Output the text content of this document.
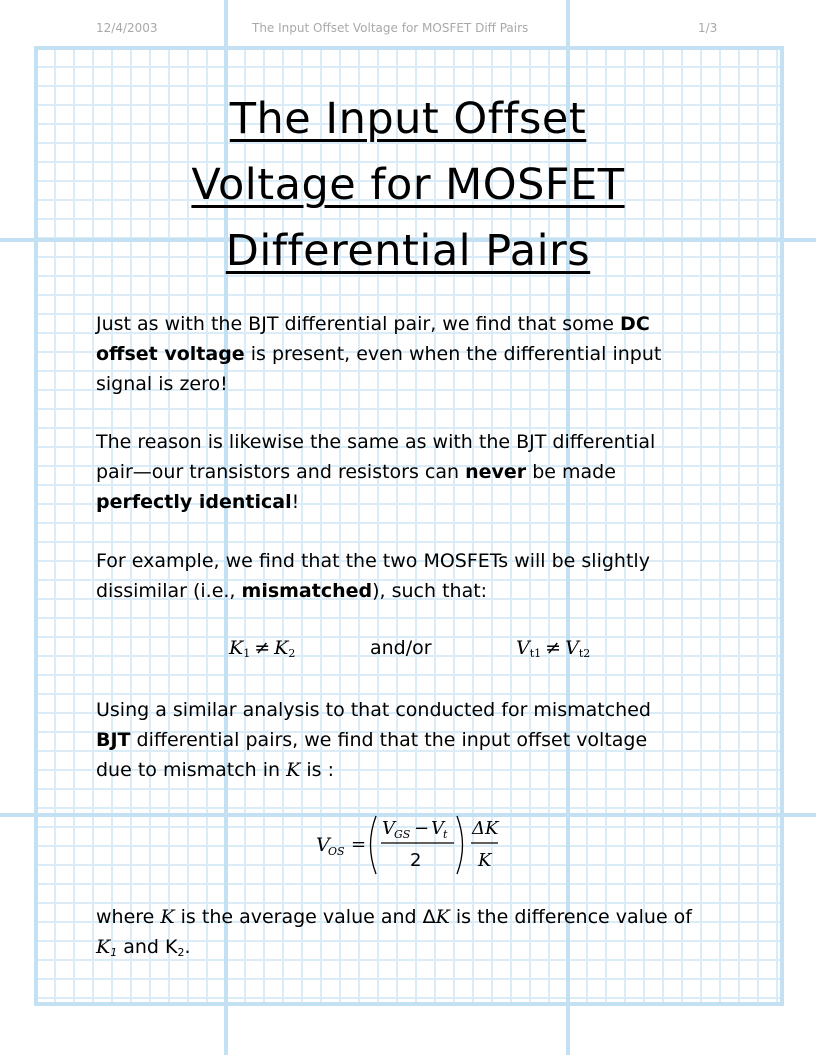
12/4/2003	The Input Offset Voltage for MOSFET Diff Pairs	1/3
The Input Offset
Voltage for MOSFET
Differential Pairs
Just as with the BJT differential pair, we find that some DC
offset voltage is present, even when the differential input
signal is zero!
The reason is likewise the same as with the BJT differential
pair—our transistors and resistors can never be made
perfectly identical!
For example, we find that the two MOSFETs will be slightly
dissimilar (i.e., mismatched), such that:
$K_1 \ne K_2$	and/or	$V_{t1} \ne V_{t2}$
Using a similar analysis to that conducted for mismatched
BJT differential pairs, we find that the input offset voltage
due to mismatch in K is :
V
OS =
V GS − V t
2
ΔK
K
where K is the average value and ΔK is the difference value of
$K_1$ and $K_2$.
